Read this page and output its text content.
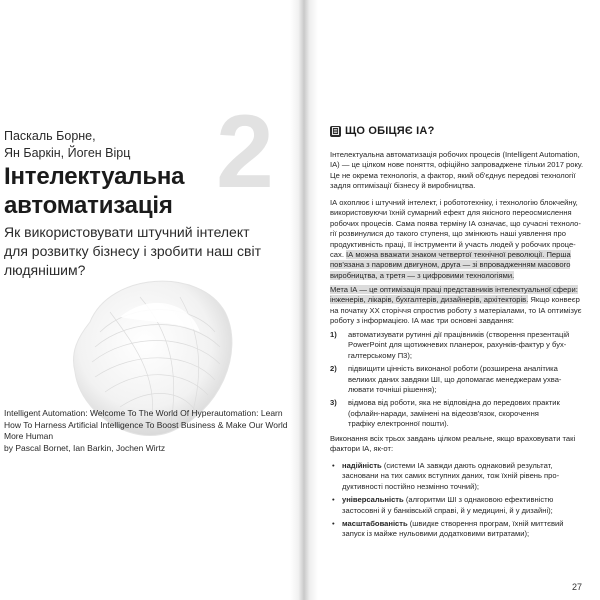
2
Паскаль Борне,
Ян Баркін, Йоген Вірц
Інтелектуальна
автоматизація
Як використовувати штучний інтелект
для розвитку бізнесу і зробити наш світ
людянішим?
Intelligent Automation: Welcome To The World Of Hyperautomation: Learn
How To Harness Artificial Intelligence To Boost Business & Make Our World
More Human
by Pascal Bornet, Ian Barkin, Jochen Wirtz
ЩО ОБІЦЯЄ ІА?
Інтелектуальна автоматизація робочих процесів (Intelligent Automation,
IA) — це цілком нове поняття, офіційно запроваджене тільки 2017 року.
Це не окрема технологія, а фактор, який об'єднує передові технології
задля оптимізації бізнесу й виробництва.
ІА охоплює і штучний інтелект, і робототехніку, і технологію блокчейну,
використовуючи їхній сумарний ефект для якісного переосмислення
робочих процесів. Сама поява терміну ІА означає, що сучасні техноло-
гії розвинулися до такого ступеня, що змінюють наші уявлення про
продуктивність праці, її інструменти й участь людей у робочих проце-
сах. ІА можна вважати знаком четвертої технічної революції. Перша
пов'язана з паровим двигуном, друга — зі впровадженням масового
виробництва, а третя — з цифровими технологіями.
Мета ІА — це оптимізація праці представників інтелектуальної сфери:
інженерів, лікарів, бухгалтерів, дизайнерів, архітекторів. Якщо конвеєр
на початку XX сторіччя спростив роботу з матеріалами, то ІА оптимізує
роботу з інформацією. ІА має три основні завдання:
1) автоматизувати рутинні дії працівників (створення презентацій
PowerPoint для щотижневих планерок, рахунків-фактур у бух-
галтерському П3);
2) підвищити цінність виконаної роботи (розширена аналітика
великих даних завдяки ШІ, що допомагає менеджерам ухва-
лювати точніші рішення);
3) відмова від роботи, яка не відповідна до передових практик
(офлайн-наради, замінені на відеозв'язок, скорочення
трафіку електронної пошти).
Виконання всіх трьох завдань цілком реальне, якщо враховувати такі
фактори ІА, як-от:
• надійність (системи ІА завжди дають однаковий результат,
засновани на тих самих вступних даних, тож їхній рівень про-
дуктивності постійно незмінно точний);
• універсальність (алгоритми ШІ з однаковою ефективністю
застосовні й у банківській справі, й у медицині, й у дизайні);
• масштабованість (швидке створення програм, їхній миттєвий
запуск із майже нульовими додатковими витратами);
27
